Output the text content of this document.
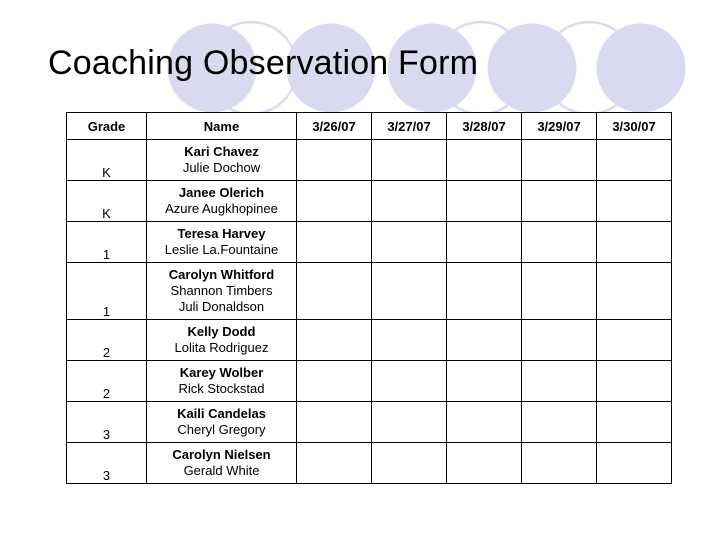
Coaching Observation Form
Grade	Name	3/26/07	3/27/07	3/28/07	3/29/07	3/30/07
K	Kari Chavez
Julie Dochow					

K	Janee Olerich
Azure Augkhopinee					

1	Teresa Harvey
Leslie La.Fountaine					

1	Carolyn Whitford
Shannon Timbers
Juli Donaldson					

2	Kelly Dodd
Lolita Rodriguez					

2	Karey Wolber
Rick Stockstad					

3	Kaili Candelas
Cheryl Gregory					

3	Carolyn Nielsen
Gerald White					
